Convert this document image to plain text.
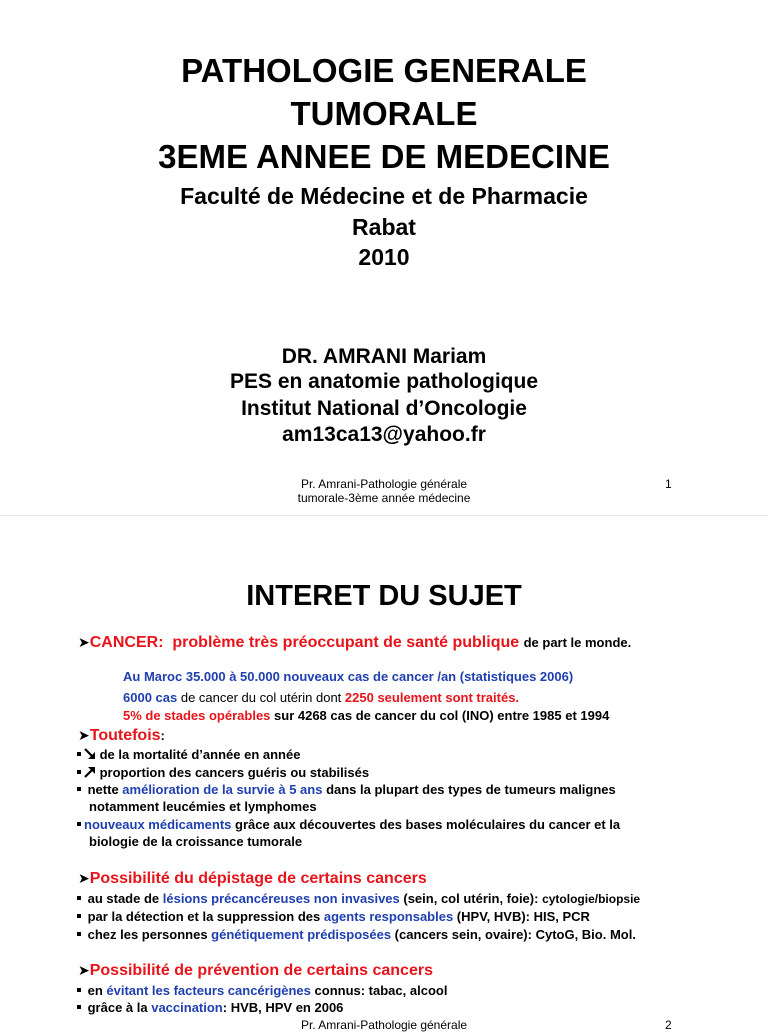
PATHOLOGIE GENERALE
TUMORALE
3EME ANNEE DE MEDECINE
Faculté de Médecine et de Pharmacie
Rabat
2010
DR. AMRANI Mariam
PES en anatomie pathologique
Institut National d’Oncologie
am13ca13@yahoo.fr
Pr. Amrani-Pathologie générale
tumorale-3ème année médecine
1
INTERET DU SUJET
➤CANCER: problème très préoccupant de santé publique de part le monde.
Au Maroc 35.000 à 50.000 nouveaux cas de cancer /an (statistiques 2006)
6000 cas de cancer du col utérin dont 2250 seulement sont traités.
5% de stades opérables sur 4268 cas de cancer du col (INO) entre 1985 et 1994
➤Toutefois:
de la mortalité d’année en année
proportion des cancers guéris ou stabilisés
nette amélioration de la survie à 5 ans dans la plupart des types de tumeurs malignes
notamment leucémies et lymphomes
nouveaux médicaments grâce aux découvertes des bases moléculaires du cancer et la
biologie de la croissance tumorale
➤Possibilité du dépistage de certains cancers
au stade de lésions précancéreuses non invasives (sein, col utérin, foie): cytologie/biopsie
par la détection et la suppression des agents responsables (HPV, HVB): HIS, PCR
chez les personnes génétiquement prédisposées (cancers sein, ovaire): CytoG, Bio. Mol.
➤Possibilité de prévention de certains cancers
en évitant les facteurs cancérigènes connus: tabac, alcool
grâce à la vaccination: HVB, HPV en 2006
Pr. Amrani-Pathologie générale	2
